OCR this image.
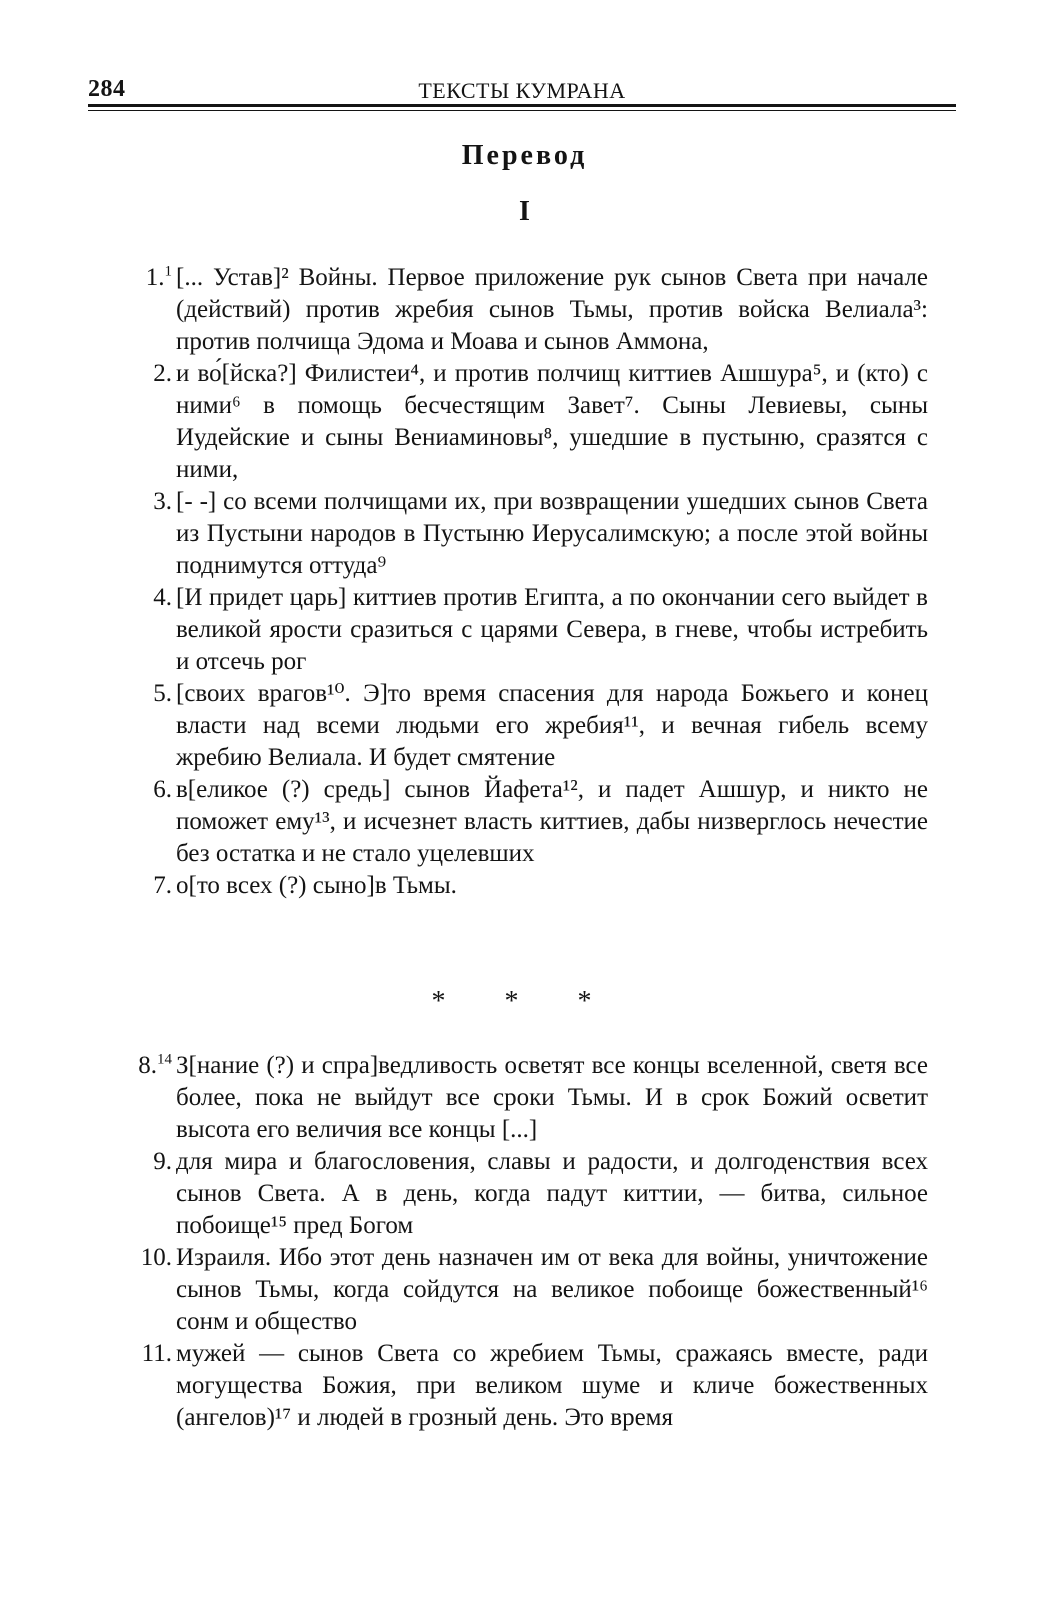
284	ТЕКСТЫ КУМРАНА
Перевод
I
1.$^1$ [... Устав]² Войны. Первое приложение рук сынов Света при начале (действий) против жребия сынов Тьмы, против войска Велиала³: против полчища Эдома и Моава и сынов Аммона,
2. и во́[йска?] Филистеи⁴, и против полчищ киттиев Ашшура⁵, и (кто) с ними⁶ в помощь бесчестящим Завет⁷. Сыны Левиевы, сыны Иудейские и сыны Вениаминовы⁸, ушедшие в пустыню, сразятся с ними,
3. [- -] со всеми полчищами их, при возвращении ушедших сынов Света из Пустыни народов в Пустыню Иерусалимскую; а после этой войны поднимутся оттуда⁹
4. [И придет царь] киттиев против Египта, а по окончании сего выйдет в великой ярости сразиться с царями Севера, в гневе, чтобы истребить и отсечь рог
5. [своих врагов¹⁰. Э]то время спасения для народа Божьего и конец власти над всеми людьми его жребия¹¹, и вечная гибель всему жребию Велиала. И будет смятение
6. в[еликое (?) средь] сынов Йафета¹², и падет Ашшур, и никто не поможет ему¹³, и исчезнет власть киттиев, дабы низверглось нечестие без остатка и не стало уцелевших
7. о[то всех (?) сыно]в Тьмы.
* * *
8.14 З[нание (?) и спра]ведливость осветят все концы вселенной, светя все более, пока не выйдут все сроки Тьмы. И в срок Божий осветит высота его величия все концы [...]
9. для мира и благословения, славы и радости, и долгоденствия всех сынов Света. А в день, когда падут киттии, — битва, сильное побоище¹⁵ пред Богом
10. Израиля. Ибо этот день назначен им от века для войны, уничтожение сынов Тьмы, когда сойдутся на великое побоище божественный¹⁶ сонм и общество
11. мужей — сынов Света со жребием Тьмы, сражаясь вместе, ради могущества Божия, при великом шуме и кличе божественных (ангелов)¹⁷ и людей в грозный день. Это время
